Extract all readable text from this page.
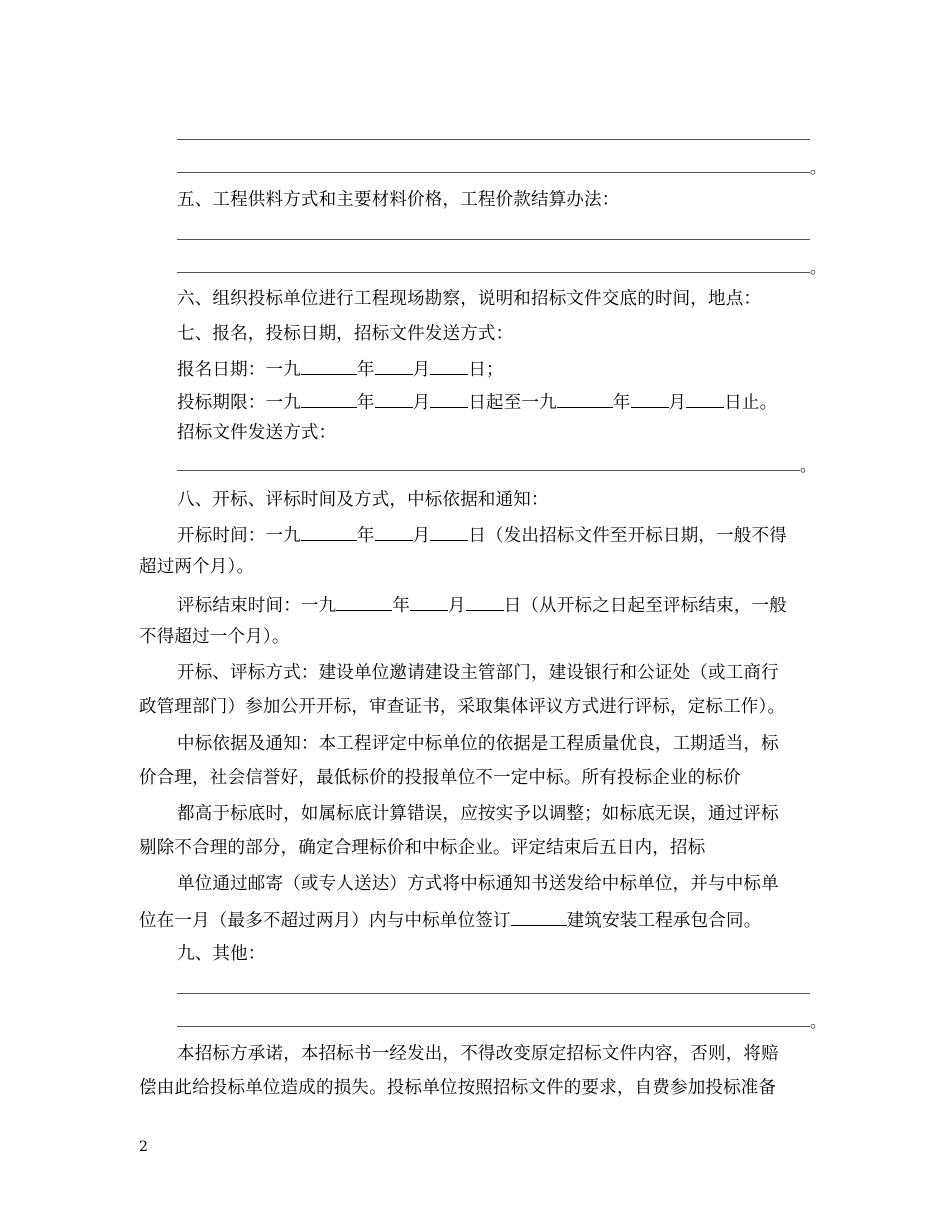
。
五、工程供料方式和主要材料价格，工程价款结算办法：
。
六、组织投标单位进行工程现场勘察，说明和招标文件交底的时间，地点：
七、报名，投标日期，招标文件发送方式：
报名日期：一九	年 月 日；
投标期限：一九	年 月 日起至一九	年 月 日止。
招标文件发送方式：
。
八、开标、评标时间及方式，中标依据和通知：
开标时间：一九	年 月 日（发出招标文件至开标日期，一般不得
超过两个月）。
评标结束时间：一九	年 月 日（从开标之日起至评标结束，一般
不得超过一个月）。
开标、评标方式：建设单位邀请建设主管部门，建设银行和公证处（或工商行
政管理部门）参加公开开标，审查证书，采取集体评议方式进行评标，定标工作）。
中标依据及通知：本工程评定中标单位的依据是工程质量优良，工期适当，标
价合理，社会信誉好，最低标价的投报单位不一定中标。所有投标企业的标价
都高于标底时，如属标底计算错误，应按实予以调整；如标底无误，通过评标
剔除不合理的部分，确定合理标价和中标企业。评定结束后五日内，招标
单位通过邮寄（或专人送达）方式将中标通知书送发给中标单位，并与中标单
位在一月（最多不超过两月）内与中标单位签订	建筑安装工程承包合同。
九、其他：
。
本招标方承诺，本招标书一经发出，不得改变原定招标文件内容，否则，将赔
偿由此给投标单位造成的损失。投标单位按照招标文件的要求，自费参加投标准备
2
